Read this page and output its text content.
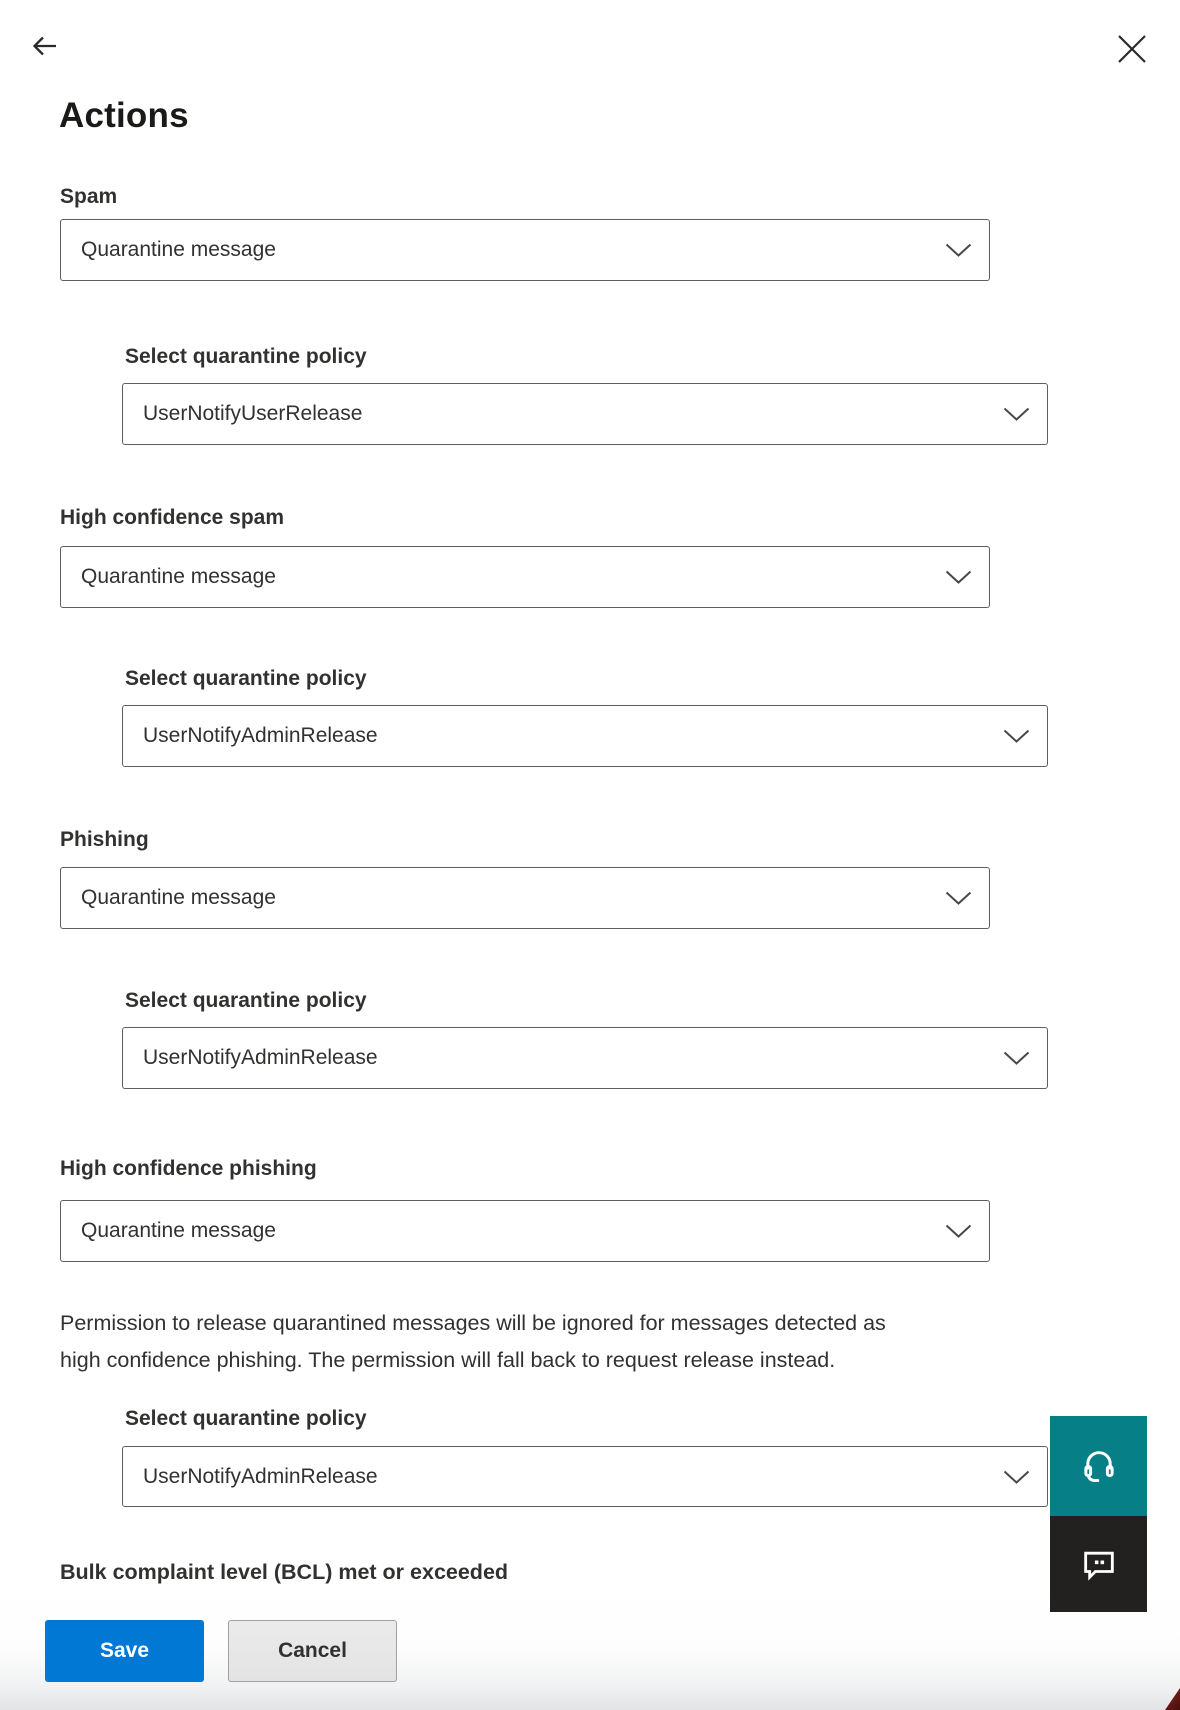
Actions
Spam
Quarantine message
Select quarantine policy
UserNotifyUserRelease
High confidence spam
Quarantine message
Select quarantine policy
UserNotifyAdminRelease
Phishing
Quarantine message
Select quarantine policy
UserNotifyAdminRelease
High confidence phishing
Quarantine message
Permission to release quarantined messages will be ignored for messages detected as
high confidence phishing. The permission will fall back to request release instead.
Select quarantine policy
UserNotifyAdminRelease
Bulk complaint level (BCL) met or exceeded
Save	Cancel
